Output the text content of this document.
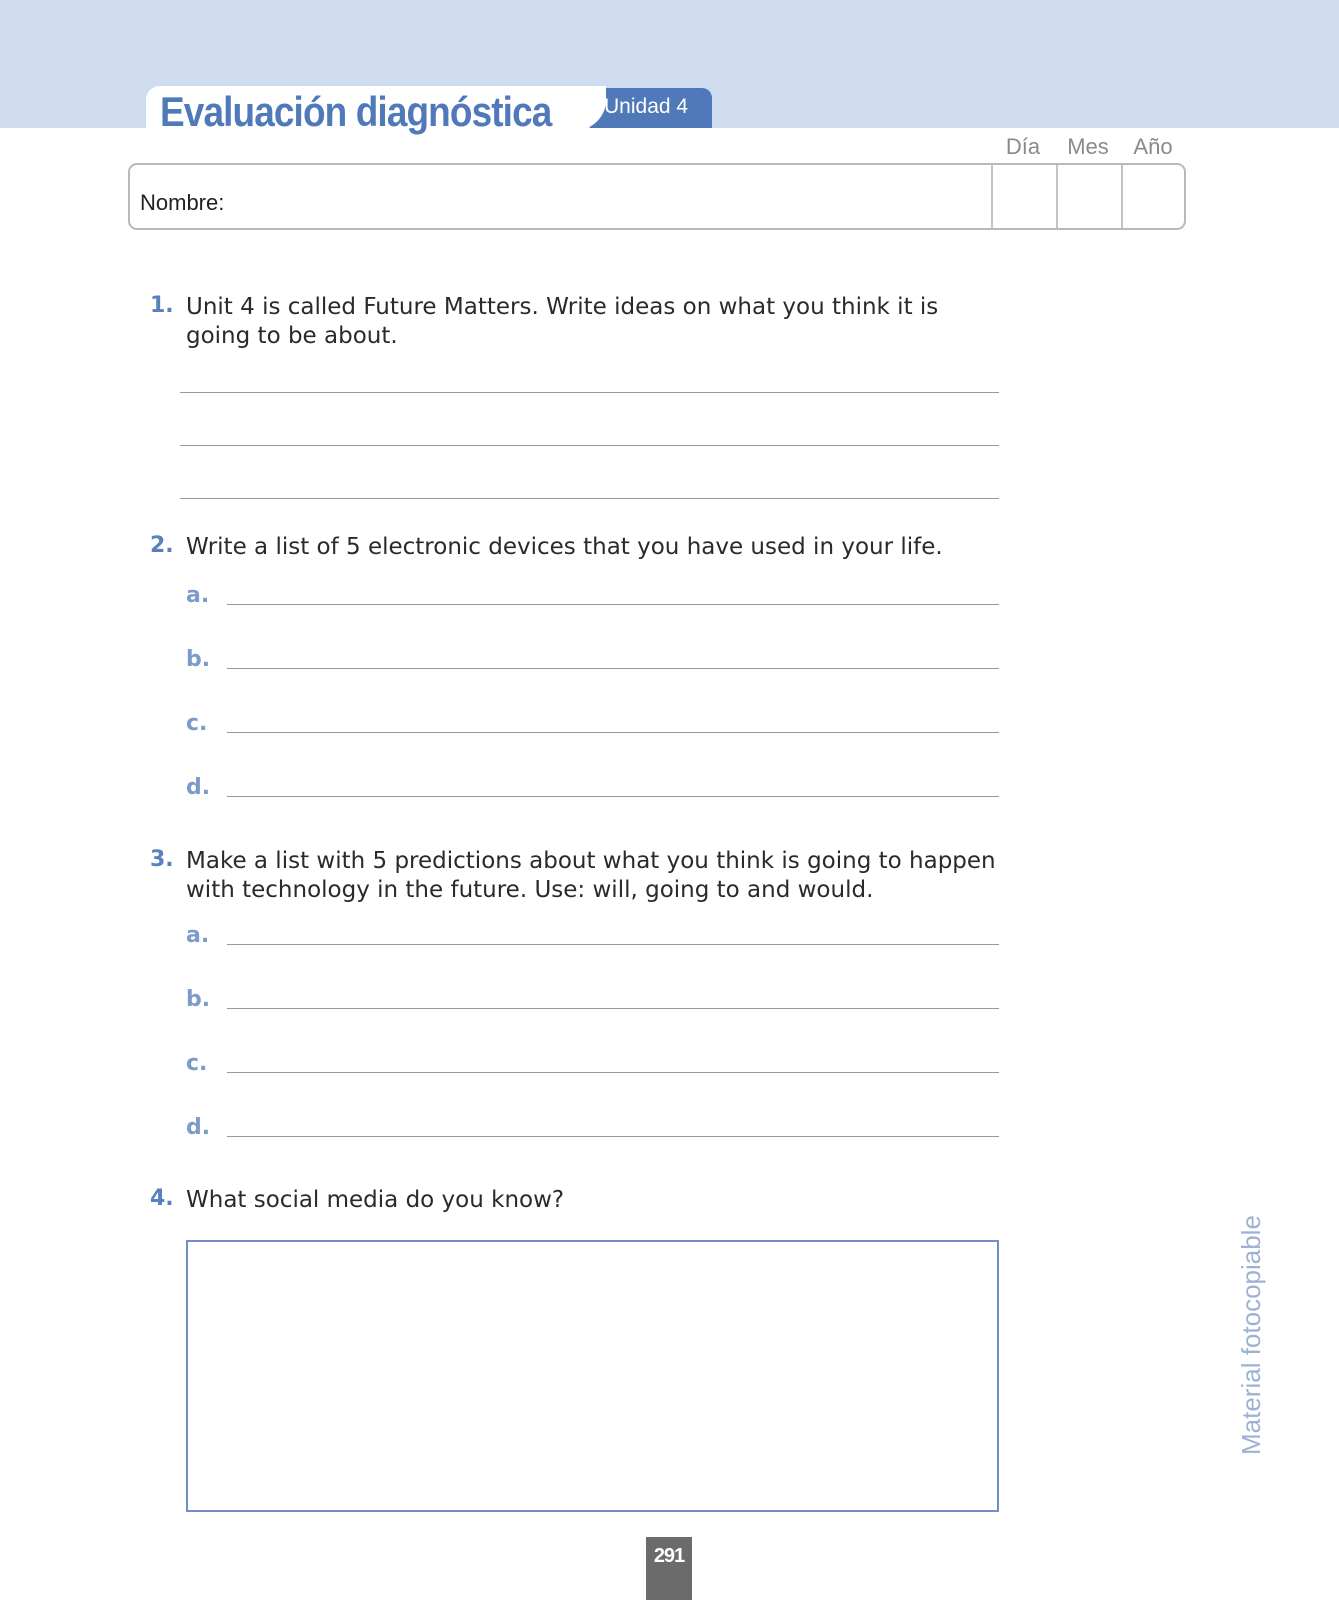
Evaluación diagnóstica	Unidad 4
Día	Mes	Año
Nombre:
1. Unit 4 is called Future Matters. Write ideas on what you think it is going to be about.
2. Write a list of 5 electronic devices that you have used in your life.
a.
b.
c.
d.
3. Make a list with 5 predictions about what you think is going to happen with technology in the future. Use: will, going to and would.
a.
b.
c.
d.
4. What social media do you know?
Material fotocopiable
291
